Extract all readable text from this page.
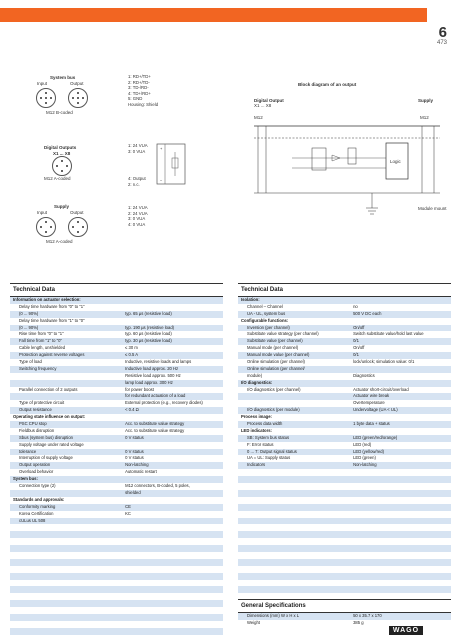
6
473
System bus
Input	Output
M12 B-coded
1: RD+/TD+
2: RD+/TD-
3: TD-/RD-
4: TD+/RD+
5: GND
Housing: Shield
Digital Outputs
X1 ... X8
M12 A-coded
1: 24 VUA
3: 0 VUA
+
−
4: Output
2: n.c.
Supply
Input	Output
M12 A-coded
1: 24 VUA
2: 24 VUA
3: 0 VUA
4: 0 VUA
Block diagram of an output
Digital Output
X1 ... X8
Supply
M12	M12
Logic
Module mount
Technical Data
Information on actuator selection:
Delay time hardware from "0" to "1"
(0 ... 90%)	typ. 65 µs (resistive load)
Delay time hardware from "1" to "0"
(0 ... 90%)	typ. 190 µs (resistive load)
Rise time from "0" to "1"	typ. 60 µs (resistive load)
Fall time from "1" to "0"	typ. 30 µs (resistive load)
Cable length, unshielded	≤ 30 m
Protection against reverse voltages	≤ 0.5 A
Type of load	Inductive, resistive loads and lamps
Switching frequency	Inductive load approx. 20 Hz
Resistive load approx. 500 Hz
lamp load approx. 300 Hz
Parallel connection of 2 outputs	for power boost
for redundant actuation of a load
Type of protective circuit	External protection (e.g., recovery diodes)
Output resistance	< 0.4 Ω
Operating state influence on output:
PSC CPU stop	Acc. to substitute value strategy
Fieldbus disruption	Acc. to substitute value strategy
Sbus (system bus) disruption	0 V status
Supply voltage under rated voltage
tolerance	0 V status
Interruption of supply voltage	0 V status
Output operation	Non-latching
Overload behavior	Automatic restart
System bus:
Connection type (2)	M12 connectors, B-coded, 5 poles,
shielded
Standards and approvals:
Conformity marking	CE
Korea Certification	KC
cULus UL 508
Technical Data
Isolation:
Channel – Channel	no
UA - UL, system bus	500 V DC each
Configurable functions:
Inversion (per channel)	On/off
Substitute value strategy (per channel)	Switch substitute value/hold last value
Substitute value (per channel)	0/1
Manual mode (per channel)	On/off
Manual mode value (per channel)	0/1
Online simulation (per channel)	lock/unlock; simulation value: 0/1
Online simulation (per channel/
module)	Diagnostics
I/O diagnostics:
I/O diagnostics (per channel)	Actuator short-circuit/overload
Actuator wire break
Overtemperature
I/O diagnostics (per module)	Undervoltage (UA < UL)
Process image:
Process data width	1 byte data + status
LED indicators:
SB: System bus status	LED (green/red/orange)
F: Error status	LED (red)
0 ... 7: Output signal status	LED (yellow/red)
UA = UL: Supply status	LED (green)
Indicators	Non-latching
General Specifications
Dimensions (mm) W x H x L	50 x 35.7 x 170
Weight	385 g
WAGO
